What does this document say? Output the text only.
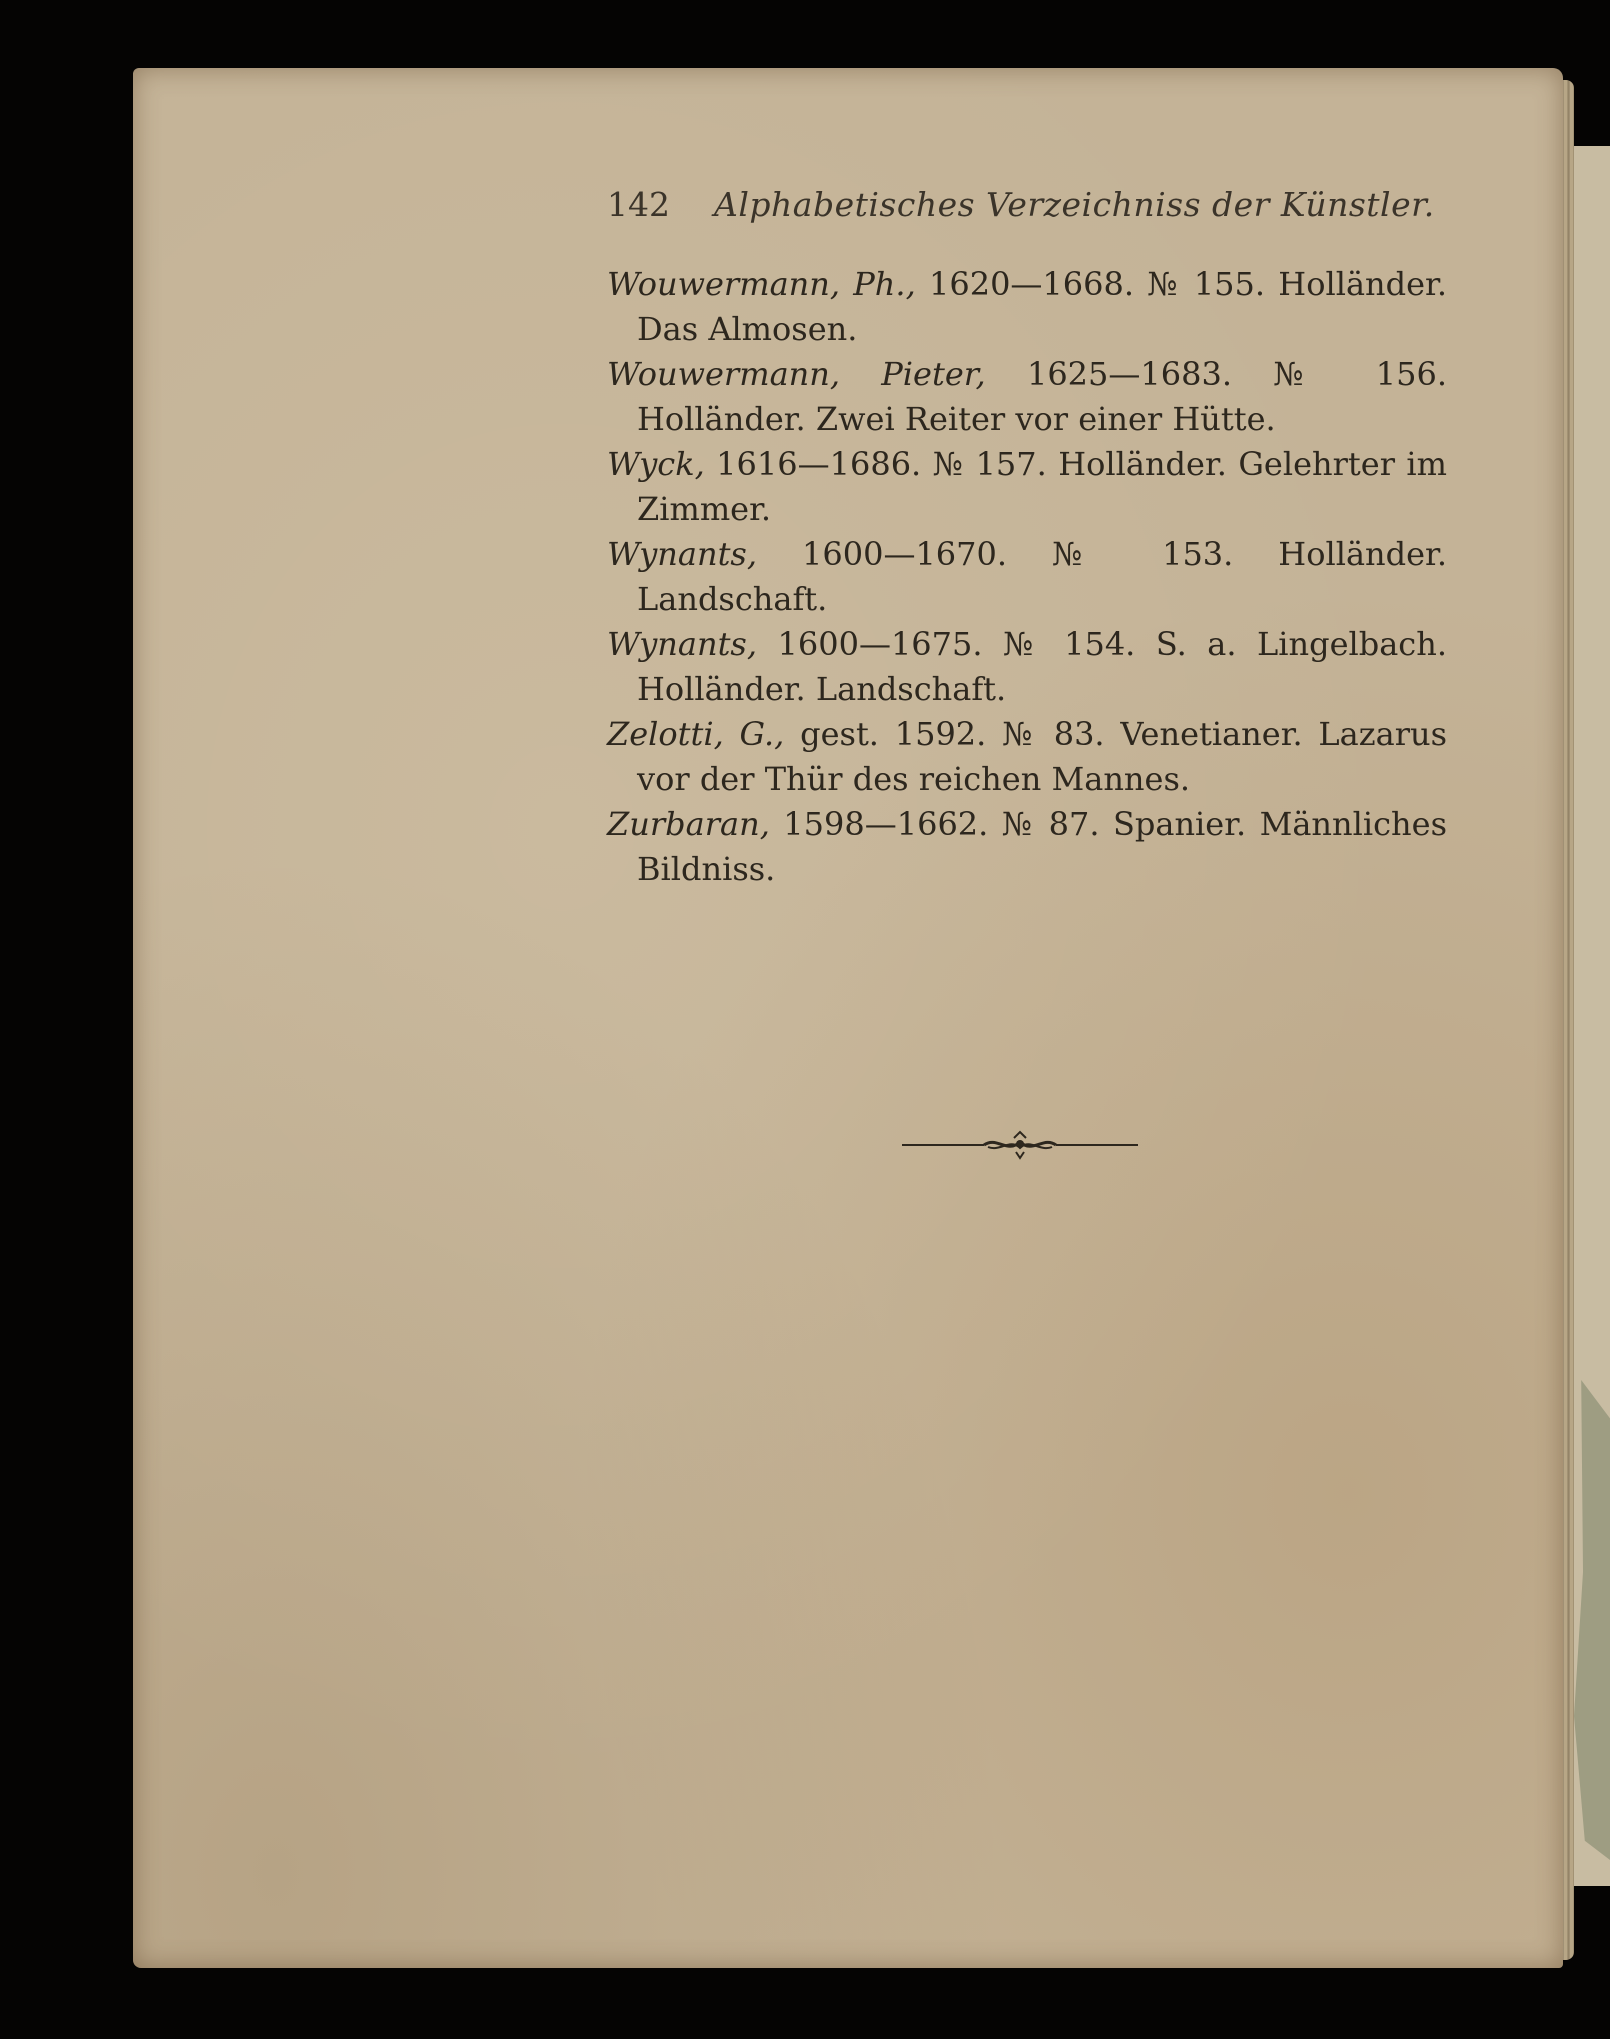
142 Alphabetisches Verzeichniss der Künstler.

Wouwermann, Ph., 1620—1668. № 155. Holländer. Das Almosen.

Wouwermann, Pieter, 1625—1683. № 156. Holländer. Zwei Reiter vor einer Hütte.

Wyck, 1616—1686. № 157. Holländer. Gelehrter im Zimmer.

Wynants, 1600—1670. № 153. Holländer. Landschaft.

Wynants, 1600—1675. № 154. S. a. Lingelbach. Holländer. Landschaft.

Zelotti, G., gest. 1592. № 83. Venetianer. Lazarus vor der Thür des reichen Mannes.

Zurbaran, 1598—1662. № 87. Spanier. Männliches Bildniss.
